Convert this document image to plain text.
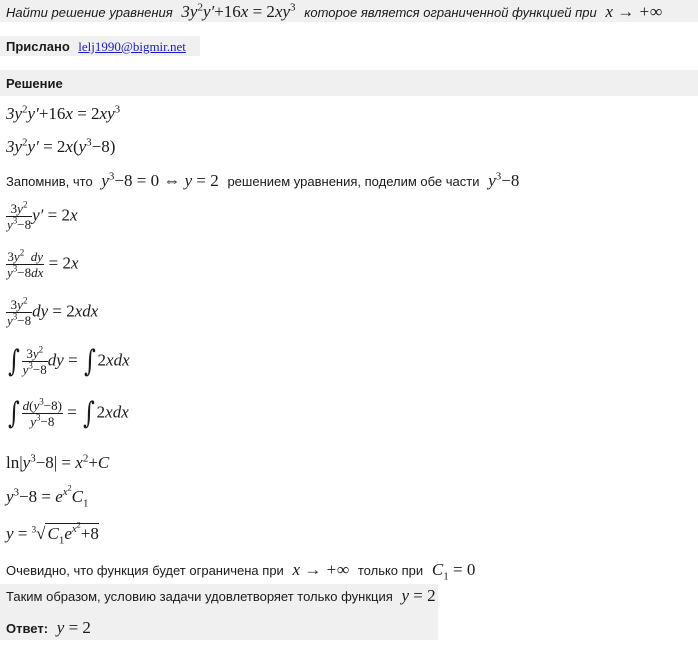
Найти решение уравнения $3y^2y'+16x = 2xy^3$ которое является ограниченной функцией при  x → +∞
Прислано lelj1990@bigmir.net
Решение
$3y^2y'+16x = 2xy^3$
$3y^2y' = 2x(y^3-8)$
Запомнив, что $y^3-8 = 0$ ⇔ y = 2  решением уравнения, поделим обе части $y^3-8$
$\frac{3y^2}{y^3-8} y' = 2x$
$\frac{3y^2 dy}{y^3-8dx} = 2x$
$\frac{3y^2}{y^3-8}$ dy = 2xdx
∫ $\frac{3y^2}{y^3-8}$ dy = ∫ 2xdx
∫ $\frac{d(y^3-8)}{y^3-8}$ = ∫ 2xdx
$\ln|y^3-8| = x^2+C$
$y^3-8 = e^{x^2}C_1$
y = $^3$√ $C_1e^{x^2}+8$
Очевидно, что функция будет ограничена при  x → +∞  только при $C_1 = 0$
Таким образом, условию задачи удовлетворяет только функция y = 2
Ответ: y = 2
